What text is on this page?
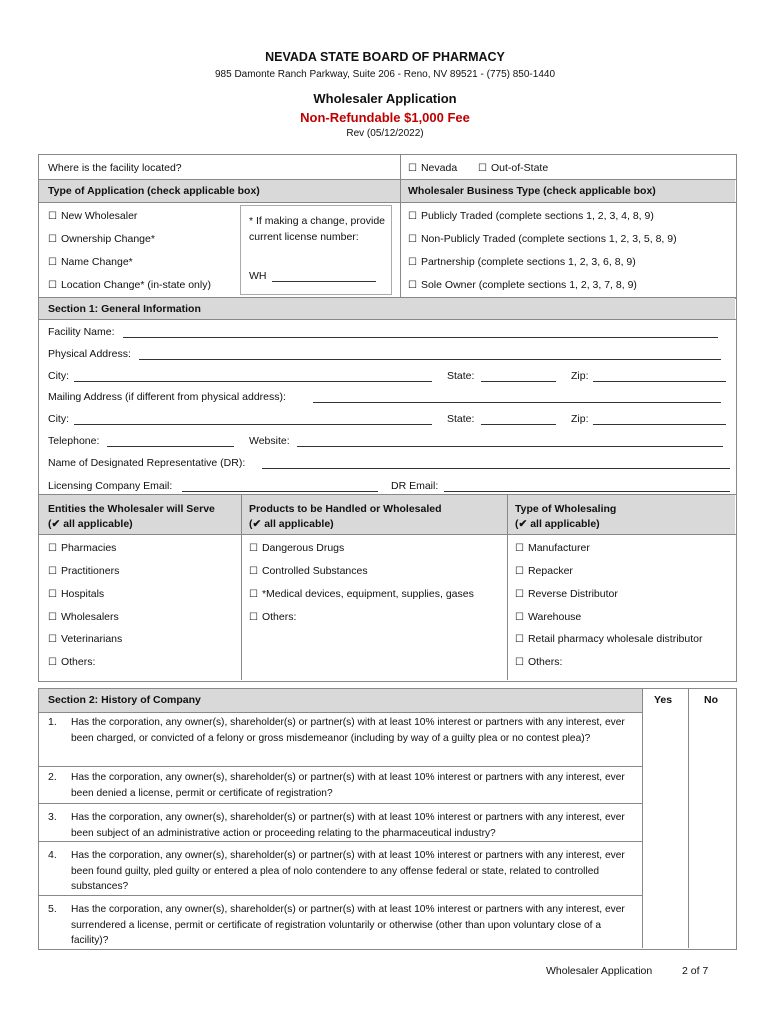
NEVADA STATE BOARD OF PHARMACY
985 Damonte Ranch Parkway, Suite 206 - Reno, NV 89521 - (775) 850-1440
Wholesaler Application
Non-Refundable $1,000 Fee
Rev (05/12/2022)
Where is the facility located?	☐ Nevada	☐ Out-of-State
Type of Application (check applicable box)	Wholesaler Business Type (check applicable box)
☐ New Wholesaler
☐ Ownership Change*
☐ Name Change*
☐ Location Change* (in-state only)
* If making a change, provide current license number:
WH
☐ Publicly Traded (complete sections 1, 2, 3, 4, 8, 9)
☐ Non-Publicly Traded (complete sections 1, 2, 3, 5, 8, 9)
☐ Partnership (complete sections 1, 2, 3, 6, 8, 9)
☐ Sole Owner (complete sections 1, 2, 3, 7, 8, 9)
Section 1: General Information
Facility Name:
Physical Address:
City:	State:	Zip:
Mailing Address (if different from physical address):
City:	State:	Zip:
Telephone:	Website:
Name of Designated Representative (DR):
Licensing Company Email:	DR Email:
Entities the Wholesaler will Serve
(✔ all applicable)
Products to be Handled or Wholesaled
(✔ all applicable)
Type of Wholesaling
(✔ all applicable)
☐ Pharmacies
☐ Practitioners
☐ Hospitals
☐ Wholesalers
☐ Veterinarians
☐ Others:
☐ Dangerous Drugs
☐ Controlled Substances
☐ *Medical devices, equipment, supplies, gases
☐ Others:
☐ Manufacturer
☐ Repacker
☐ Reverse Distributor
☐ Warehouse
☐ Retail pharmacy wholesale distributor
☐ Others:
Section 2: History of Company	Yes	No
1. Has the corporation, any owner(s), shareholder(s) or partner(s) with at least 10% interest or partners with any interest, ever been charged, or convicted of a felony or gross misdemeanor (including by way of a guilty plea or no contest plea)?
2. Has the corporation, any owner(s), shareholder(s) or partner(s) with at least 10% interest or partners with any interest, ever been denied a license, permit or certificate of registration?
3. Has the corporation, any owner(s), shareholder(s) or partner(s) with at least 10% interest or partners with any interest, ever been subject of an administrative action or proceeding relating to the pharmaceutical industry?
4. Has the corporation, any owner(s), shareholder(s) or partner(s) with at least 10% interest or partners with any interest, ever been found guilty, pled guilty or entered a plea of nolo contendere to any offense federal or state, related to controlled substances?
5. Has the corporation, any owner(s), shareholder(s) or partner(s) with at least 10% interest or partners with any interest, ever surrendered a license, permit or certificate of registration voluntarily or otherwise (other than upon voluntary close of a facility)?
Wholesaler Application	2 of 7
